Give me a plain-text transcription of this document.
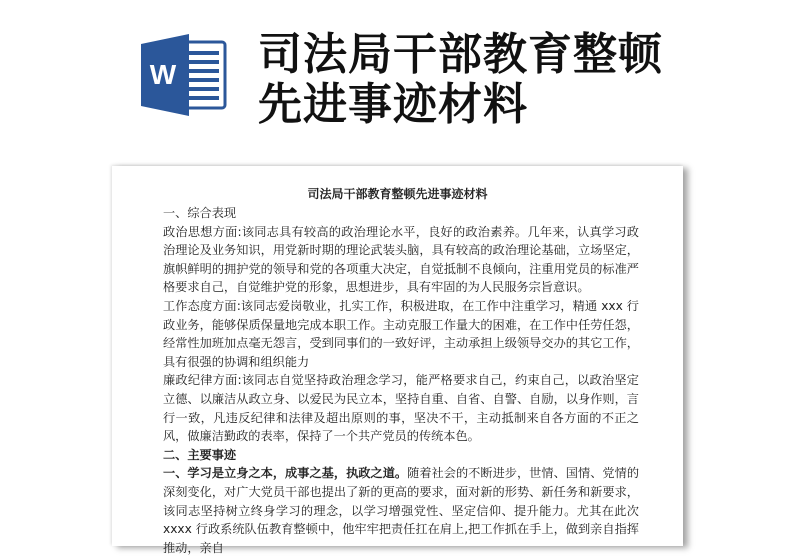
W 司法局干部教育整顿
先进事迹材料
司法局干部教育整顿先进事迹材料

一、综合表现

政治思想方面:该同志具有较高的政治理论水平，良好的政治素养。几年来，认真学习政治理论及业务知识，用党新时期的理论武装头脑，具有较高的政治理论基础，立场坚定，旗帜鲜明的拥护党的领导和党的各项重大决定，自觉抵制不良倾向，注重用党员的标准严格要求自己，自觉维护党的形象，思想进步，具有牢固的为人民服务宗旨意识。

工作态度方面:该同志爱岗敬业，扎实工作，积极进取，在工作中注重学习，精通 xxx 行政业务，能够保质保量地完成本职工作。主动克服工作量大的困难，在工作中任劳任怨，经常性加班加点毫无怨言，受到同事们的一致好评，主动承担上级领导交办的其它工作，具有很强的协调和组织能力

廉政纪律方面:该同志自觉坚持政治理念学习，能严格要求自己，约束自己，以政治坚定立德、以廉洁从政立身、以爱民为民立本，坚持自重、自省、自警、自励，以身作则，言行一致，凡违反纪律和法律及超出原则的事，坚决不干，主动抵制来自各方面的不正之风，做廉洁勤政的表率，保持了一个共产党员的传统本色。

二、主要事迹

一、学习是立身之本，成事之基，执政之道。随着社会的不断进步，世情、国情、党情的深刻变化，对广大党员干部也提出了新的更高的要求，面对新的形势、新任务和新要求，该同志坚持树立终身学习的理念，以学习增强党性、坚定信仰、提升能力。尤其在此次 xxxx 行政系统队伍教育整顿中，他牢牢把责任扛在肩上,把工作抓在手上，做到亲自指挥推动，亲自
